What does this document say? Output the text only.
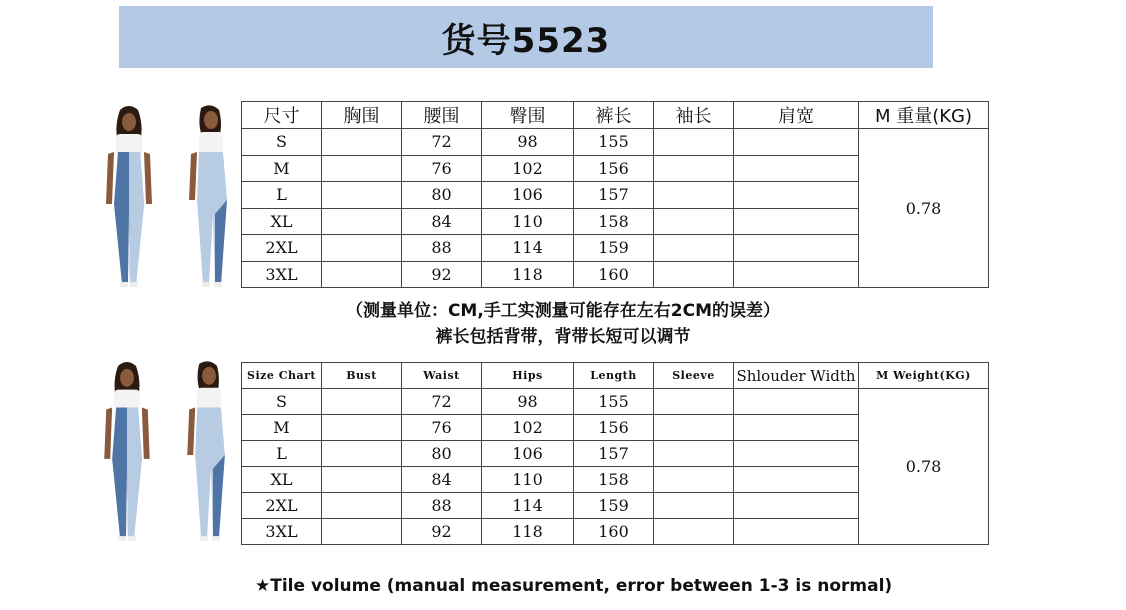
货号5523
尺寸	胸围	腰围	臀围	裤长	袖长	肩宽	M 重量(KG)
S		72	98	155			0.78
M		76	102	156			
L		80	106	157			
XL		84	110	158			
2XL		88	114	159			
3XL		92	118	160			
（测量单位：CM,手工实测量可能存在左右2CM的误差）
裤长包括背带，背带长短可以调节
Size Chart	Bust	Waist	Hips	Length	Sleeve	Shlouder Width	M Weight(KG)
S		72	98	155			0.78
M		76	102	156			
L		80	106	157			
XL		84	110	158			
2XL		88	114	159			
3XL		92	118	160			
★Tile volume (manual measurement, error between 1-3 is normal)
